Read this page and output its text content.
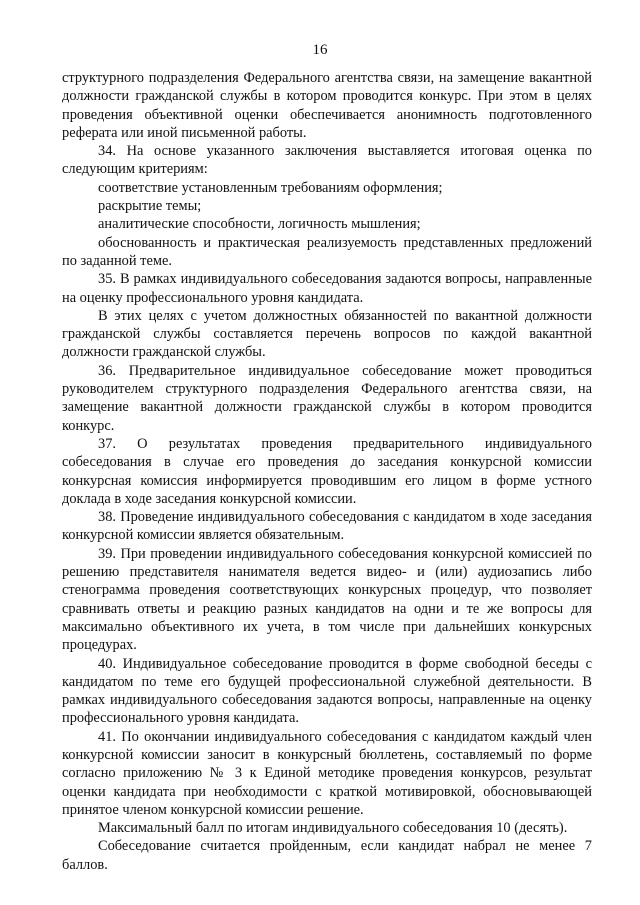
16

структурного подразделения Федерального агентства связи, на замещение вакантной должности гражданской службы в котором проводится конкурс. При этом в целях проведения объективной оценки обеспечивается анонимность подготовленного реферата или иной письменной работы.

34. На основе указанного заключения выставляется итоговая оценка по следующим критериям:

соответствие установленным требованиям оформления;

раскрытие темы;

аналитические способности, логичность мышления;

обоснованность и практическая реализуемость представленных предложений по заданной теме.

35. В рамках индивидуального собеседования задаются вопросы, направленные на оценку профессионального уровня кандидата.

В этих целях с учетом должностных обязанностей по вакантной должности гражданской службы составляется перечень вопросов по каждой вакантной должности гражданской службы.

36. Предварительное индивидуальное собеседование может проводиться руководителем структурного подразделения Федерального агентства связи, на замещение вакантной должности гражданской службы в котором проводится конкурс.

37. О результатах проведения предварительного индивидуального собеседования в случае его проведения до заседания конкурсной комиссии конкурсная комиссия информируется проводившим его лицом в форме устного доклада в ходе заседания конкурсной комиссии.

38. Проведение индивидуального собеседования с кандидатом в ходе заседания конкурсной комиссии является обязательным.

39. При проведении индивидуального собеседования конкурсной комиссией по решению представителя нанимателя ведется видео- и (или) аудиозапись либо стенограмма проведения соответствующих конкурсных процедур, что позволяет сравнивать ответы и реакцию разных кандидатов на одни и те же вопросы для максимально объективного их учета, в том числе при дальнейших конкурсных процедурах.

40. Индивидуальное собеседование проводится в форме свободной беседы с кандидатом по теме его будущей профессиональной служебной деятельности. В рамках индивидуального собеседования задаются вопросы, направленные на оценку профессионального уровня кандидата.

41. По окончании индивидуального собеседования с кандидатом каждый член конкурсной комиссии заносит в конкурсный бюллетень, составляемый по форме согласно приложению № 3 к Единой методике проведения конкурсов, результат оценки кандидата при необходимости с краткой мотивировкой, обосновывающей принятое членом конкурсной комиссии решение.

Максимальный балл по итогам индивидуального собеседования 10 (десять).

Собеседование считается пройденным, если кандидат набрал не менее 7 баллов.
